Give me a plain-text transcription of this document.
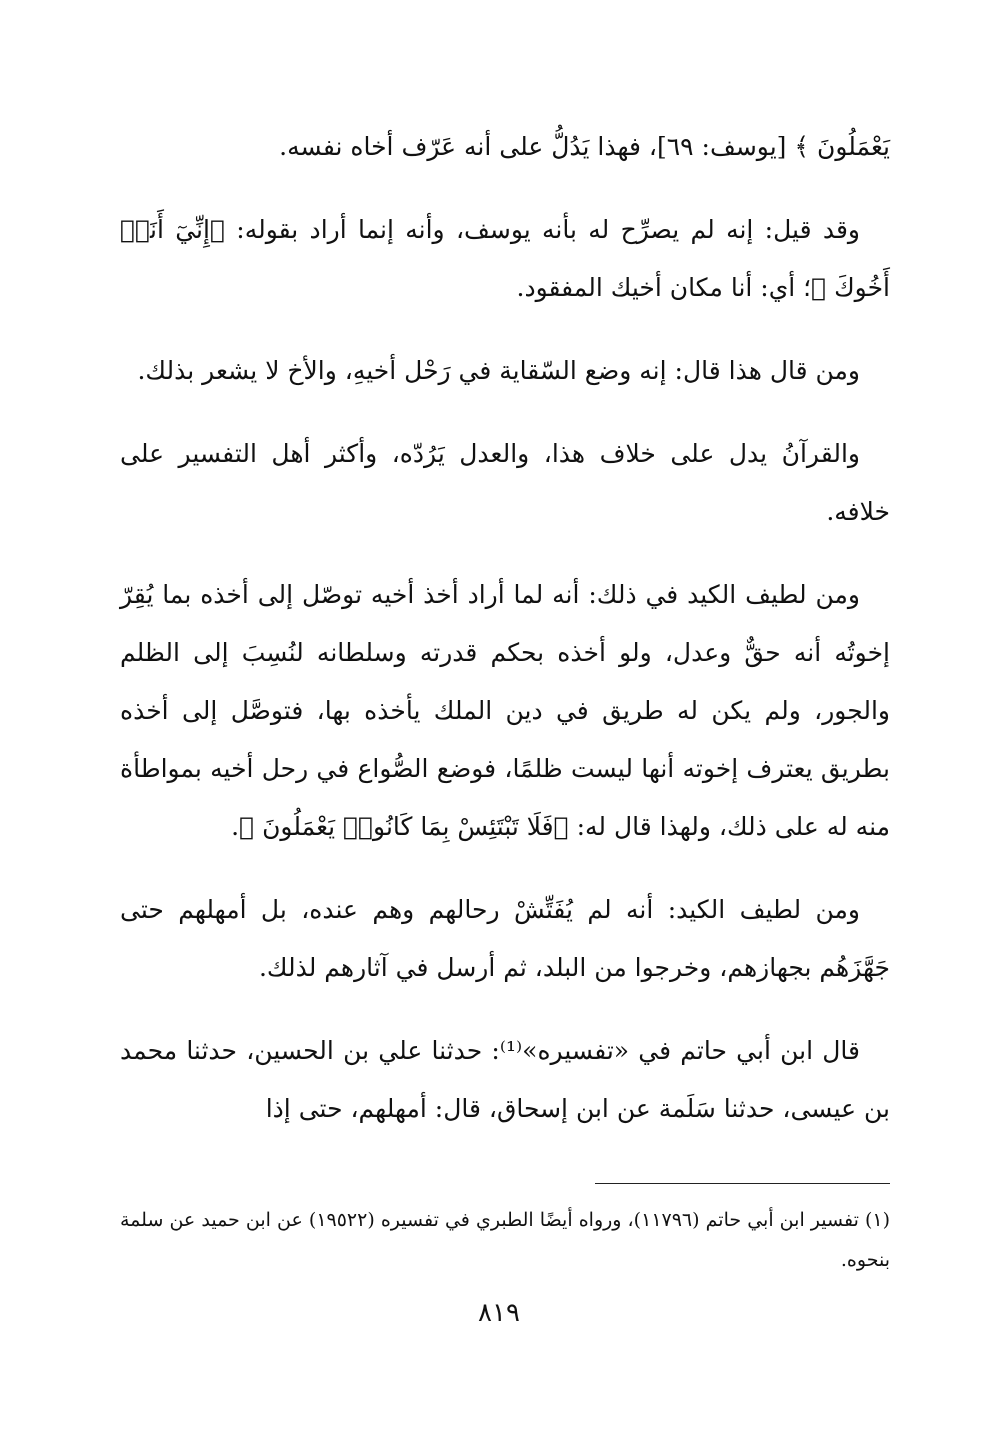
يَعْمَلُونَ ﴾ [يوسف: ٦٩]، فهذا يَدُلُّ على أنه عَرّف أخاه نفسه.

وقد قيل: إنه لم يصرِّح له بأنه يوسف، وأنه إنما أراد بقوله: ﴿إِنِّيٓ أَنَا۠ أَخُوكَ ﴾؛ أي: أنا مكان أخيك المفقود.

ومن قال هذا قال: إنه وضع السّقاية في رَحْل أخيهِ، والأخ لا يشعر بذلك.

والقرآنُ يدل على خلاف هذا، والعدل يَرُدّه، وأكثر أهل التفسير على خلافه.

ومن لطيف الكيد في ذلك: أنه لما أراد أخذ أخيه توصّل إلى أخذه بما يُقِرّ إخوتُه أنه حقٌّ وعدل، ولو أخذه بحكم قدرته وسلطانه لنُسِبَ إلى الظلم والجور، ولم يكن له طريق في دين الملك يأخذه بها، فتوصَّل إلى أخذه بطريق يعترف إخوته أنها ليست ظلمًا، فوضع الصُّواع في رحل أخيه بمواطأة منه له على ذلك، ولهذا قال له: ﴿فَلَا تَبْتَئِسْ بِمَا كَانُوا۟ يَعْمَلُونَ ﴾.

ومن لطيف الكيد: أنه لم يُفَتِّشْ رحالهم وهم عنده، بل أمهلهم حتى جَهَّزَهُم بجهازهم، وخرجوا من البلد، ثم أرسل في آثارهم لذلك.

قال ابن أبي حاتم في «تفسيره»⁽¹⁾: حدثنا علي بن الحسين، حدثنا محمد بن عيسى، حدثنا سَلَمة عن ابن إسحاق، قال: أمهلهم، حتى إذا

(١) تفسير ابن أبي حاتم (١١٧٩٦)، ورواه أيضًا الطبري في تفسيره (١٩٥٢٢) عن ابن حميد عن سلمة بنحوه.
٨١٩
